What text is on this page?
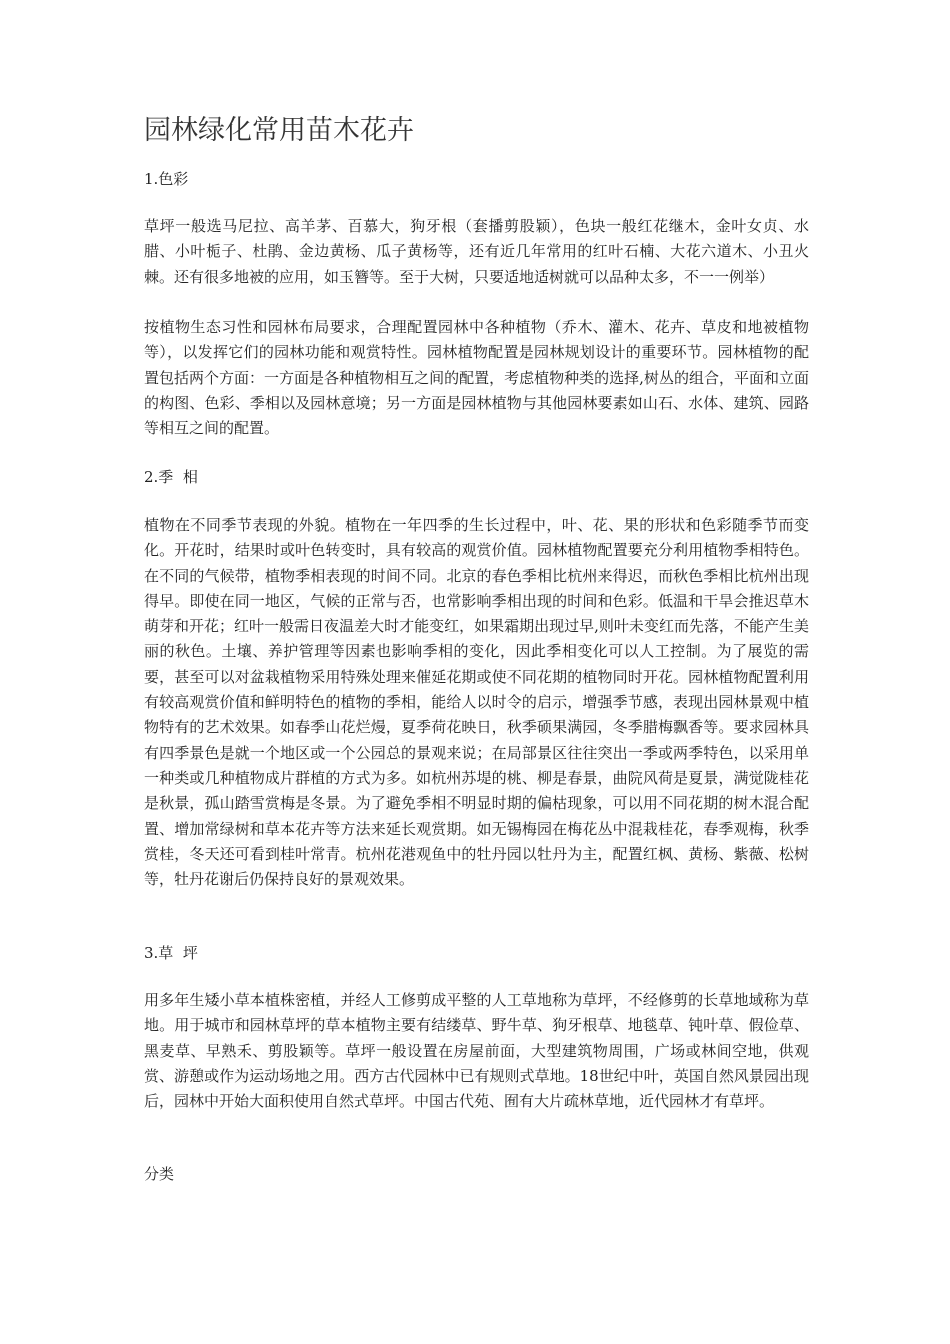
园林绿化常用苗木花卉

1.色彩

草坪一般选马尼拉、高羊茅、百慕大，狗牙根（套播剪股颖），色块一般红花继木，金叶女贞、水腊、小叶栀子、杜鹃、金边黄杨、瓜子黄杨等，还有近几年常用的红叶石楠、大花六道木、小丑火棘。还有很多地被的应用，如玉簪等。至于大树，只要适地适树就可以品种太多，不一一例举）

按植物生态习性和园林布局要求，合理配置园林中各种植物（乔木、灌木、花卉、草皮和地被植物等），以发挥它们的园林功能和观赏特性。园林植物配置是园林规划设计的重要环节。园林植物的配置包括两个方面：一方面是各种植物相互之间的配置，考虑植物种类的选择,树丛的组合，平面和立面的构图、色彩、季相以及园林意境；另一方面是园林植物与其他园林要素如山石、水体、建筑、园路等相互之间的配置。

2.季  相

植物在不同季节表现的外貌。植物在一年四季的生长过程中，叶、花、果的形状和色彩随季节而变化。开花时，结果时或叶色转变时，具有较高的观赏价值。园林植物配置要充分利用植物季相特色。在不同的气候带，植物季相表现的时间不同。北京的春色季相比杭州来得迟，而秋色季相比杭州出现得早。即使在同一地区，气候的正常与否，也常影响季相出现的时间和色彩。低温和干旱会推迟草木萌芽和开花；红叶一般需日夜温差大时才能变红，如果霜期出现过早,则叶未变红而先落，不能产生美丽的秋色。土壤、养护管理等因素也影响季相的变化，因此季相变化可以人工控制。为了展览的需要，甚至可以对盆栽植物采用特殊处理来催延花期或使不同花期的植物同时开花。园林植物配置利用有较高观赏价值和鲜明特色的植物的季相，能给人以时令的启示，增强季节感，表现出园林景观中植物特有的艺术效果。如春季山花烂熳，夏季荷花映日，秋季硕果满园，冬季腊梅飘香等。要求园林具有四季景色是就一个地区或一个公园总的景观来说；在局部景区往往突出一季或两季特色，以采用单一种类或几种植物成片群植的方式为多。如杭州苏堤的桃、柳是春景，曲院风荷是夏景，满觉陇桂花是秋景，孤山踏雪赏梅是冬景。为了避免季相不明显时期的偏枯现象，可以用不同花期的树木混合配置、增加常绿树和草本花卉等方法来延长观赏期。如无锡梅园在梅花丛中混栽桂花，春季观梅，秋季赏桂，冬天还可看到桂叶常青。杭州花港观鱼中的牡丹园以牡丹为主，配置红枫、黄杨、紫薇、松树等，牡丹花谢后仍保持良好的景观效果。

3.草  坪

用多年生矮小草本植株密植，并经人工修剪成平整的人工草地称为草坪，不经修剪的长草地域称为草地。用于城市和园林草坪的草本植物主要有结缕草、野牛草、狗牙根草、地毯草、钝叶草、假俭草、黑麦草、早熟禾、剪股颖等。草坪一般设置在房屋前面，大型建筑物周围，广场或林间空地，供观赏、游憩或作为运动场地之用。西方古代园林中已有规则式草地。18世纪中叶，英国自然风景园出现后，园林中开始大面积使用自然式草坪。中国古代苑、囿有大片疏林草地，近代园林才有草坪。

分类
